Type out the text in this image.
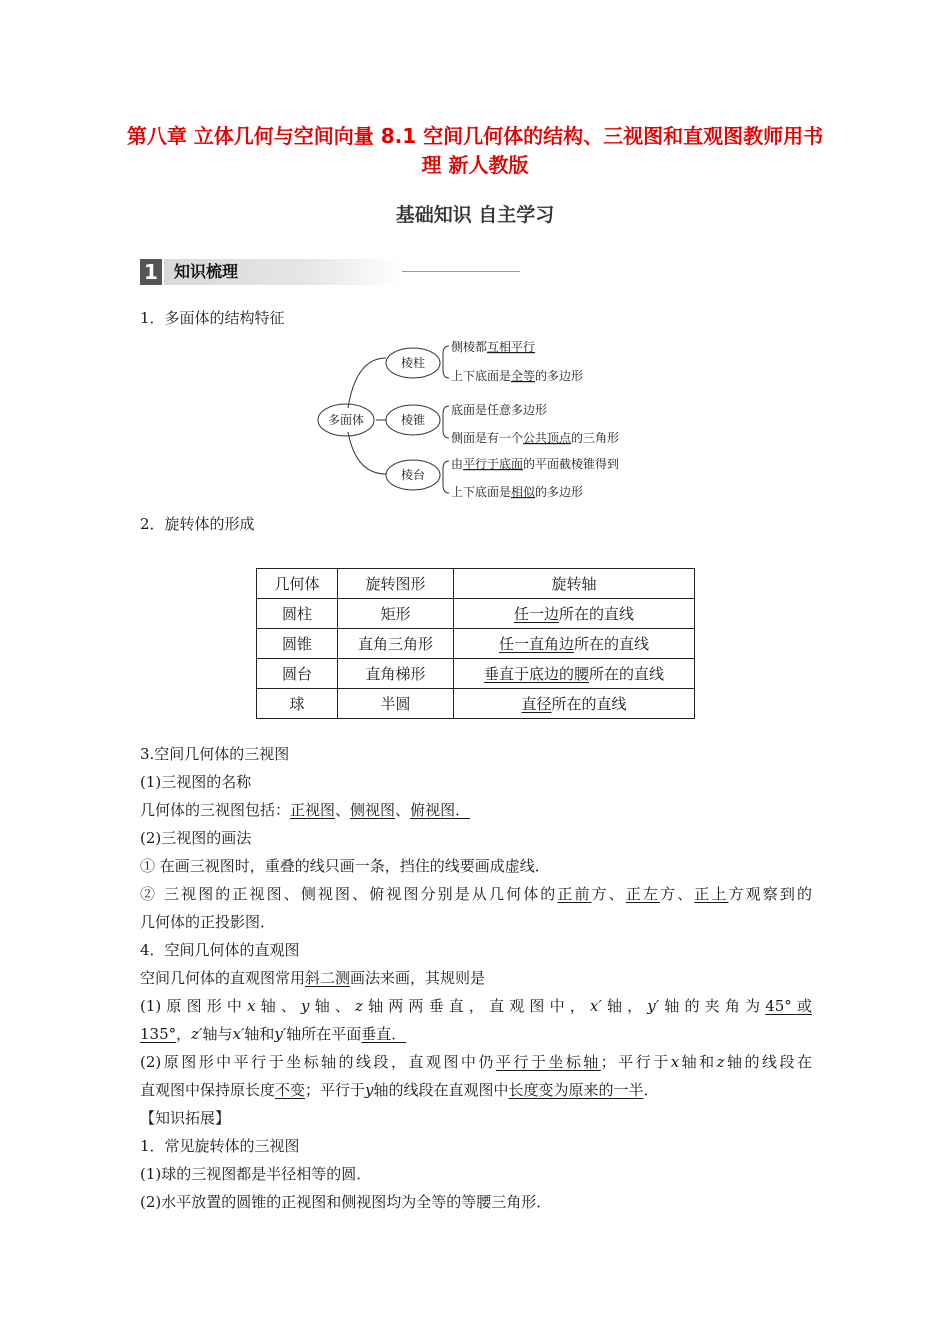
第八章 立体几何与空间向量 8.1 空间几何体的结构、三视图和直观图教师用书 理 新人教版
基础知识 自主学习
1	知识梳理
1．多面体的结构特征
多面体
棱柱
棱锥
棱台
侧棱都互相平行
上下底面是全等的多边形
底面是任意多边形
侧面是有一个公共顶点的三角形
由平行于底面的平面截棱锥得到
上下底面是相似的多边形
2．旋转体的形成
几何体	旋转图形	旋转轴
圆柱	矩形	任一边所在的直线
圆锥	直角三角形	任一直角边所在的直线
圆台	直角梯形	垂直于底边的腰所在的直线
球	半圆	直径所在的直线
3.空间几何体的三视图
(1)三视图的名称
几何体的三视图包括：正视图、侧视图、俯视图．
(2)三视图的画法
① 在画三视图时，重叠的线只画一条，挡住的线要画成虚线．
② 三视图的正视图、侧视图、俯视图分别是从几何体的正前方、正左方、正上方观察到的
几何体的正投影图．
4．空间几何体的直观图
空间几何体的直观图常用斜二测画法来画，其规则是
(1)原图形中x轴、y轴、z轴两两垂直，直观图中，x′轴，y′轴的夹角为45°或
135°，z′轴与x′轴和y′轴所在平面垂直．
(2)原图形中平行于坐标轴的线段，直观图中仍平行于坐标轴；平行于x轴和z轴的线段在
直观图中保持原长度不变；平行于y轴的线段在直观图中长度变为原来的一半．
【知识拓展】
1．常见旋转体的三视图
(1)球的三视图都是半径相等的圆．
(2)水平放置的圆锥的正视图和侧视图均为全等的等腰三角形．
